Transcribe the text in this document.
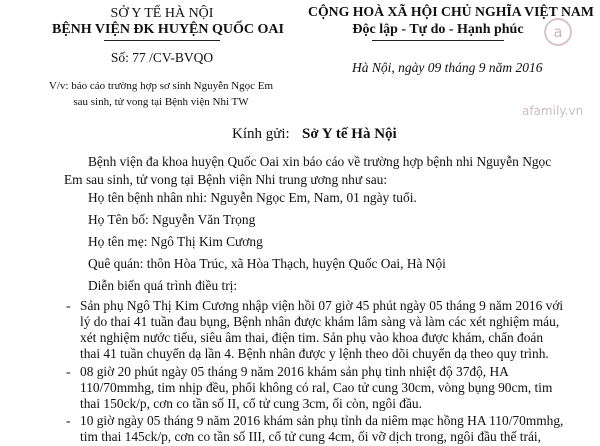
SỞ Y TẾ HÀ NỘI
BỆNH VIỆN ĐK HUYỆN QUỐC OAI
Số: 77 /CV-BVQO
V/v: báo cáo trường hợp sơ sinh Nguyễn Ngọc Em
sau sinh, tử vong tại Bệnh viện Nhi TW
CỘNG HOÀ XÃ HỘI CHỦ NGHĨA VIỆT NAM
Độc lập - Tự do - Hạnh phúc
Hà Nội, ngày 09 tháng 9 năm 2016
a
afamily.vn
Kính gửi: Sở Y tế Hà Nội
Bệnh viện đa khoa huyện Quốc Oai xin báo cáo về trường hợp bệnh nhi Nguyễn Ngọc
Em sau sinh, tử vong tại Bệnh viện Nhi trung ương như sau:
Họ tên bệnh nhân nhi: Nguyễn Ngọc Em, Nam, 01 ngày tuổi.
Họ Tên bố: Nguyễn Văn Trọng
Họ tên mẹ: Ngô Thị Kim Cương
Quê quán: thôn Hòa Trúc, xã Hòa Thạch, huyện Quốc Oai, Hà Nội
Diễn biến quá trình điều trị:
- Sản phụ Ngô Thị Kim Cương nhập viện hồi 07 giờ 45 phút ngày 05 tháng 9 năm 2016 với
lý do thai 41 tuần đau bụng, Bệnh nhân được khám lâm sàng và làm các xét nghiệm máu,
xét nghiệm nước tiểu, siêu âm thai, điện tim. Sản phụ vào khoa được khám, chẩn đoán
thai 41 tuần chuyển dạ lần 4. Bệnh nhân được y lệnh theo dõi chuyển dạ theo quy trình.
- 08 giờ 20 phút ngày 05 tháng 9 năm 2016 khám sản phụ tinh nhiệt độ 37độ, HA
110/70mmhg, tim nhịp đều, phổi không có ral, Cao tử cung 30cm, vòng bụng 90cm, tim
thai 150ck/p, cơn co tần số II, cổ tử cung 3cm, ối còn, ngôi đầu.
- 10 giờ ngày 05 tháng 9 năm 2016 khám sản phụ tỉnh da niêm mạc hồng HA 110/70mmhg,
tim thai 145ck/p, cơn co tần số III, cổ tử cung 4cm, ối vỡ dịch trong, ngôi đầu thế trái,
